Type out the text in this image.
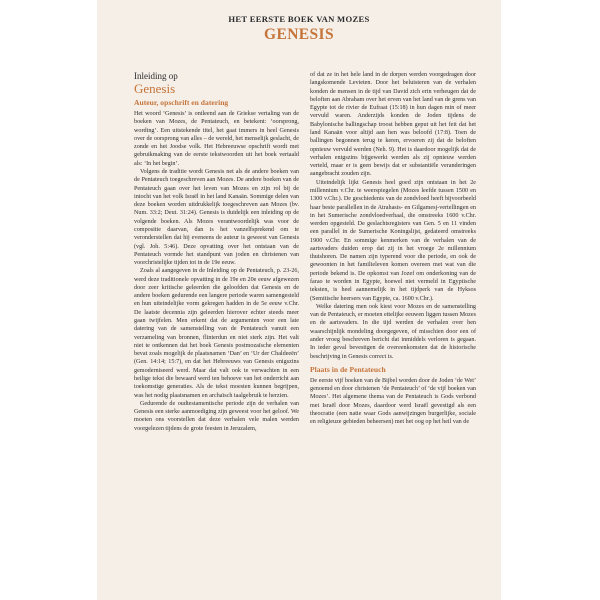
HET EERSTE BOEK VAN MOZES
GENESIS
Inleiding op
Genesis
Auteur, opschrift en datering

Het woord ‘Genesis’ is ontleend aan de Griekse vertaling van de boeken van Mozes, de Pentateuch, en betekent: ‘oorsprong, wording’. Een uitstekende titel, het gaat immers in heel Genesis over de oorsprong van alles – de wereld, het menselijk geslacht, de zonde en het Joodse volk. Het Hebreeuwse opschrift wordt met gebruikmaking van de eerste tekstwoorden uit het boek vertaald als: ‘In het begin’.

Volgens de traditie wordt Genesis net als de andere boeken van de Pentateuch toegeschreven aan Mozes. De andere boeken van de Pentateuch gaan over het leven van Mozes en zijn rol bij de intocht van het volk Israël in het land Kanaän. Sommige delen van deze boeken worden uitdrukkelijk toegeschreven aan Mozes (bv. Num. 33:2; Deut. 31:24). Genesis is duidelijk een inleiding op de volgende boeken. Als Mozes verantwoordelijk was voor de compositie daarvan, dan is het vanzelfsprekend om te veronderstellen dat hij eveneens de auteur is geweest van Genesis (vgl. Joh. 5:46). Deze opvatting over het ontstaan van de Pentateuch vormde het standpunt van joden en christenen van voorchristelijke tijden tot in de 19e eeuw.

Zoals al aangegeven in de Inleiding op de Pentateuch, p. 23-26, werd deze traditionele opvatting in de 19e en 20e eeuw afgewezen door zeer kritische geleerden die geloofden dat Genesis en de andere boeken gedurende een langere periode waren samengesteld en hun uiteindelijke vorm gekregen hadden in de 5e eeuw v.Chr. De laatste decennia zijn geleerden hierover echter steeds meer gaan twijfelen. Men erkent dat de argumenten voor een late datering van de samenstelling van de Pentateuch vanuit een verzameling van bronnen, flinterdun en niet sterk zijn. Het valt niet te ontkennen dat het boek Genesis postmozaïsche elementen bevat zoals mogelijk de plaatsnamen ‘Dan’ en ‘Ur der Chaldeeën’ (Gen. 14:14; 15:7), en dat het Hebreeuws van Genesis enigszins gemoderniseerd werd. Maar dat valt ook te verwachten in een heilige tekst die bewaard werd ten behoeve van het onderricht aan toekomstige generaties. Als de tekst moesten kunnen begrijpen, was het nodig plaatsnamen en archaïsch taalgebruik te herzien.

Gedurende de oudtestamentische periode zijn de verhalen van Genesis een sterke aanmoediging zijn geweest voor het geloof. We moeten ons voorstellen dat deze verhalen vele malen werden voorgelezen tijdens de grote feesten in Jeruzalem,

of dat ze in het hele land in de dorpen werden voorgedragen door langskomende Levieten. Door het beluisteren van de verhalen konden de mensen in de tijd van David zich erin verheugen dat de beloften aan Abraham over het erven van het land van de grens van Egypte tot de rivier de Eufraat (15:18) in hun dagen min of meer vervuld waren. Anderzijds konden de Joden tijdens de Babylonische ballingschap troost hebben geput uit het feit dat het land Kanaän voor altijd aan hen was beloofd (17:8). Toen de ballingen begonnen terug te keren, ervoeren zij dat de beloften opnieuw vervuld werden (Neh. 9). Het is daardoor mogelijk dat de verhalen enigszins bijgewerkt werden als zij opnieuw werden verteld, maar er is geen bewijs dat er substantiële veranderingen aangebracht zouden zijn.

Uiteindelijk lijkt Genesis heel goed zijn ontstaan in het 2e millennium v.Chr. te weerspiegelen (Mozes leefde tussen 1500 en 1300 v.Chr.). De geschiedenis van de zondvloed heeft bijvoorbeeld haar beste parallellen in de Atrahasis- en Gilgamesj-vertellingen en in het Sumerische zondvloedverhaal, die omstreeks 1600 v.Chr. werden opgesteld. De geslachtsregisters van Gen. 5 en 11 vinden een parallel in de Sumerische Koningslijst, gedateerd omstreeks 1900 v.Chr. En sommige kenmerken van de verhalen van de aartsvaders duiden erop dat zij in het vroege 2e millennium thuishoren. De namen zijn typerend voor die periode, en ook de gewoonten in het familieleven komen overeen met wat van die periode bekend is. De opkomst van Jozef om onderkoning van de farao te worden in Egypte, hoewel niet vermeld in Egyptische teksten, is heel aannemelijk in het tijdperk van de Hyksos (Semitische heersers van Egypte, ca. 1600 v.Chr.).

Welke datering men ook kiest voor Mozes en de samenstelling van de Pentateuch, er moeten ettelijke eeuwen liggen tussen Mozes en de aartsvaders. In die tijd werden de verhalen over hen waarschijnlijk mondeling doorgegeven, of misschien door een of ander vroeg beschreven bericht dat inmiddels verloren is gegaan. In ieder geval bevestigen de overeenkomsten dat de historische beschrijving in Genesis correct is.

Plaats in de Pentateuch

De eerste vijf boeken van de Bijbel worden door de Joden ‘de Wet’ genoemd en door christenen ‘de Pentateuch’ of ‘de vijf boeken van Mozes’. Het algemene thema van de Pentateuch is Gods verbond met Israël door Mozes, daardoor werd Israël gevestigd als een theocratie (een natie waar Gods aanwijzingen burgerlijke, sociale en religieuze gebieden beheersen) met het oog op het heil van de
